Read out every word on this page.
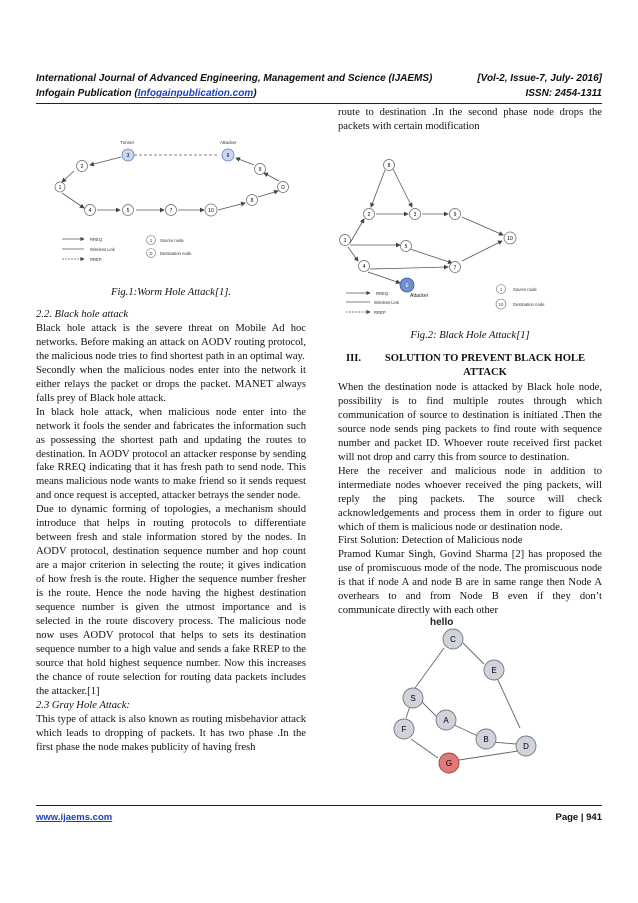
International Journal of Advanced Engineering, Management and Science (IJAEMS)	[Vol-2, Issue-7, July- 2016]
Infogain Publication (Infogainpublication.com)	ISSN: 2454-1311
Tunnel	Attacker
3	6
2	9
1	D
8
4	5	7	10
RREQ
Wireless Link
RREP
1 Source node
D Destination node
Fig.1:Worm Hole Attack[1].

2.2. Black hole attack

Black hole attack is the severe threat on Mobile Ad hoc networks. Before making an attack on AODV routing protocol, the malicious node tries to find shortest path in an optimal way.

Secondly when the malicious nodes enter into the network it either relays the packet or drops the packet. MANET always falls prey of Black hole attack.

In black hole attack, when malicious node enter into the network it fools the sender and fabricates the information such as possessing the shortest path and updating the routes to destination. In AODV protocol an attacker response by sending fake RREQ indicating that it has fresh path to send node. This means malicious node wants to make friend so it sends request and once request is accepted, attacker betrays the sender node.

Due to dynamic forming of topologies, a mechanism should introduce that helps in routing protocols to differentiate between fresh and stale information stored by the nodes. In AODV protocol, destination sequence number and hop count are a major criterion in selecting the route; it gives indication of how fresh is the route. Higher the sequence number fresher is the route. Hence the node having the highest destination sequence number is given the utmost importance and is selected in the route discovery process. The malicious node now uses AODV protocol that helps to sets its destination sequence number to a high value and sends a fake RREP to the source that hold highest sequence number. Now this increases the chance of route selection for routing data packets includes the attacker.[1]

2.3 Gray Hole Attack:

This type of attack is also known as routing misbehavior attack which leads to dropping of packets. It has two phase .In the first phase the node makes publicity of having fresh

route to destination .In the second phase node drops the packets with certain modification

8
2	3	9
1	10
5
4	7
6
Attacker
RREQ
Wireless Link
RREP
1	Source node
10 Destination node
Fig.2: Black Hole Attack[1]
III.	SOLUTION TO PREVENT BLACK HOLE
ATTACK

When the destination node is attacked by Black hole node, possibility is to find multiple routes through which communication of source to destination is initiated .Then the source node sends ping packets to find route with sequence number and packet ID. Whoever route received first packet will not drop and carry this from source to destination.

Here the receiver and malicious node in addition to intermediate nodes whoever received the ping packets, will reply the ping packets. The source will check acknowledgements and process them in order to figure out which of them is malicious node or destination node.

First Solution: Detection of Malicious node

Pramod Kumar Singh, Govind Sharma [2] has proposed the use of promiscuous mode of the node. The promiscuous node is that if node A and node B are in same range then Node A overhears to and from Node B even if they don’t communicate directly with each other

hello
C
E
S
A
F
B
D
G
www.ijaems.com	Page | 941
